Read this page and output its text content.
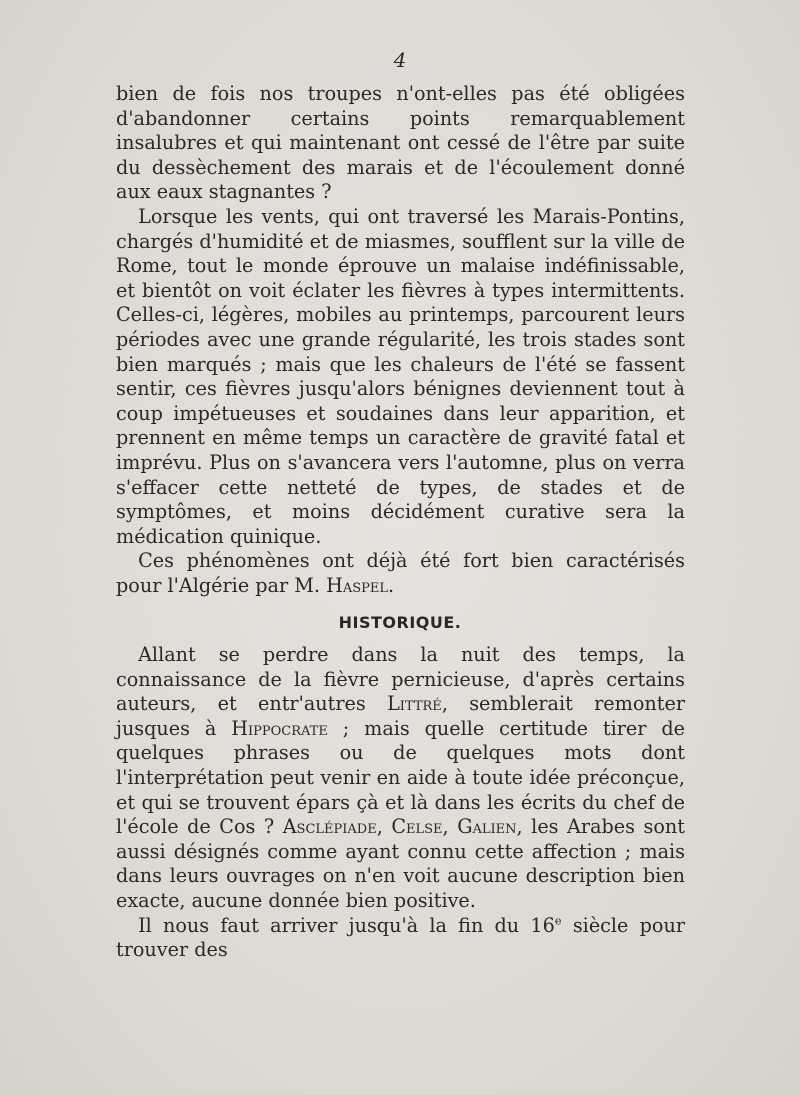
4

bien de fois nos troupes n'ont-elles pas été obligées d'abandonner certains points remarquablement insalubres et qui maintenant ont cessé de l'être par suite du dessèchement des marais et de l'écoulement donné aux eaux stagnantes ?

Lorsque les vents, qui ont traversé les Marais-Pontins, chargés d'humidité et de miasmes, soufflent sur la ville de Rome, tout le monde éprouve un malaise indéfinissable, et bientôt on voit éclater les fièvres à types intermittents. Celles-ci, légères, mobiles au printemps, parcourent leurs périodes avec une grande régularité, les trois stades sont bien marqués ; mais que les chaleurs de l'été se fassent sentir, ces fièvres jusqu'alors bénignes deviennent tout à coup impétueuses et soudaines dans leur apparition, et prennent en même temps un caractère de gravité fatal et imprévu. Plus on s'avancera vers l'automne, plus on verra s'effacer cette netteté de types, de stades et de symptômes, et moins décidément curative sera la médication quinique.

Ces phénomènes ont déjà été fort bien caractérisés pour l'Algérie par M. Haspel.

HISTORIQUE.

Allant se perdre dans la nuit des temps, la connaissance de la fièvre pernicieuse, d'après certains auteurs, et entr'autres Littré, semblerait remonter jusques à Hippocrate ; mais quelle certitude tirer de quelques phrases ou de quelques mots dont l'interprétation peut venir en aide à toute idée préconçue, et qui se trouvent épars çà et là dans les écrits du chef de l'école de Cos ? Asclépiade, Celse, Galien, les Arabes sont aussi désignés comme ayant connu cette affection ; mais dans leurs ouvrages on n'en voit aucune description bien exacte, aucune donnée bien positive.

Il nous faut arriver jusqu'à la fin du 16e siècle pour trouver des
